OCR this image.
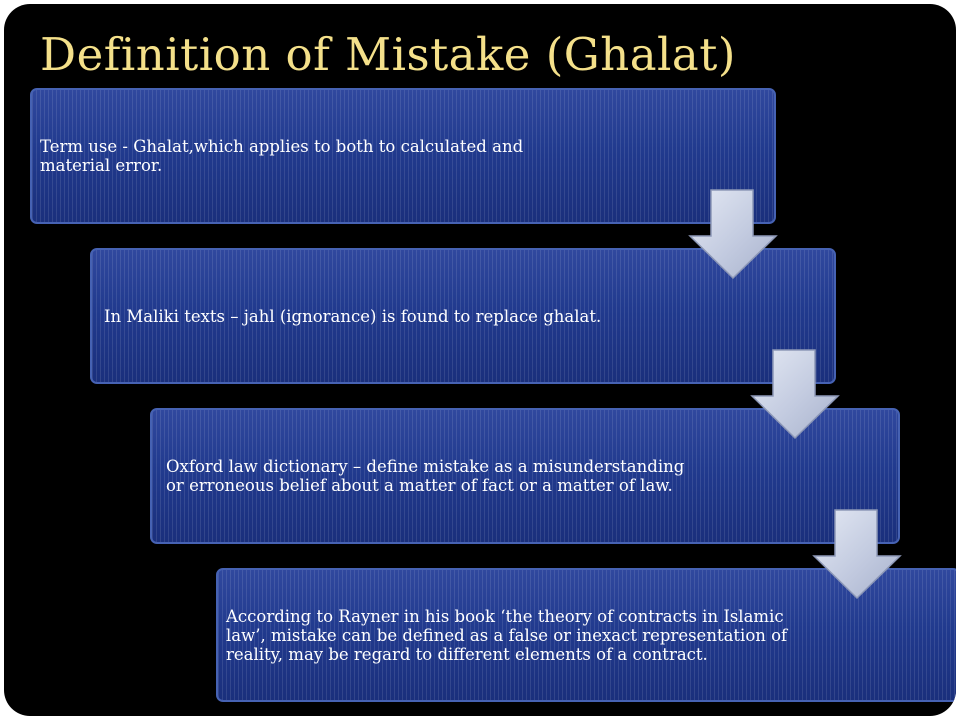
Definition of Mistake (Ghalat)
Term use - Ghalat,which applies to both to calculated and material error.
In Maliki texts – jahl (ignorance) is found to replace ghalat.
Oxford law dictionary – define mistake as a misunderstanding or erroneous belief about a matter of fact or a matter of law.
According to Rayner in his book ‘the theory of contracts in Islamic law’, mistake can be defined as a false or inexact representation of reality, may be regard to different elements of a contract.
